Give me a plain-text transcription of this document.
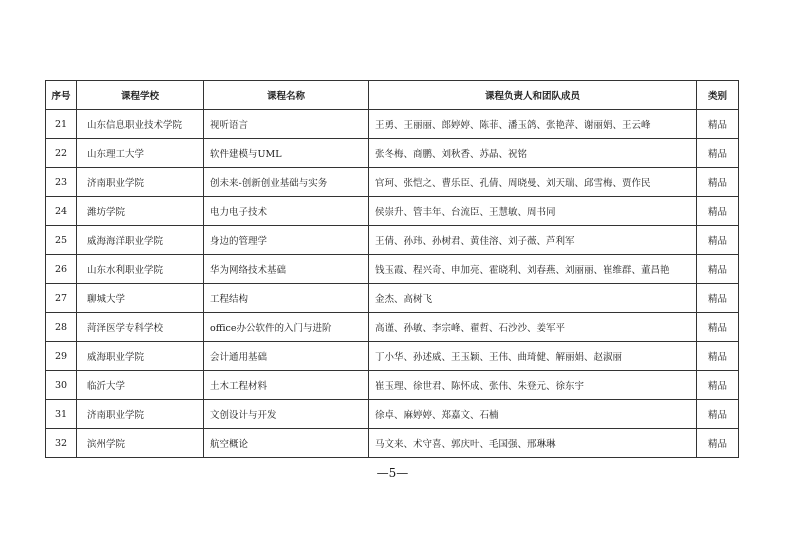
序号	课程学校	课程名称	课程负责人和团队成员	类别
21	山东信息职业技术学院	视听语言	王勇、王丽丽、郎婷婷、陈菲、潘玉鸽、张艳萍、谢丽娟、王云峰	精品
22	山东理工大学	软件建模与UML	张冬梅、商鹏、刘秋香、苏晶、祝铭	精品
23	济南职业学院	创未来-创新创业基础与实务	官珂、张恺之、曹乐臣、孔倩、周晓曼、刘天瑞、邱雪梅、贾作民	精品
24	潍坊学院	电力电子技术	侯崇升、管丰年、台流臣、王慧敏、周书同	精品
25	威海海洋职业学院	身边的管理学	王倩、孙玮、孙树君、黄佳溶、刘子薇、芦利军	精品
26	山东水利职业学院	华为网络技术基础	钱玉霞、程兴奇、申加亮、霍晓利、刘春燕、刘丽丽、崔维群、董昌艳	精品
27	聊城大学	工程结构	金杰、高树飞	精品
28	菏泽医学专科学校	office办公软件的入门与进阶	高谨、孙敏、李宗峰、翟哲、石沙沙、姜军平	精品
29	威海职业学院	会计通用基础	丁小华、孙述威、王玉颖、王伟、曲琦健、解丽娟、赵淑丽	精品
30	临沂大学	土木工程材料	崔玉理、徐世君、陈怀成、张伟、朱登元、徐东宇	精品
31	济南职业学院	文创设计与开发	徐卓、麻婷婷、郑嘉文、石楠	精品
32	滨州学院	航空概论	马文来、术守喜、郭庆叶、毛国强、邢琳琳	精品
—5—
